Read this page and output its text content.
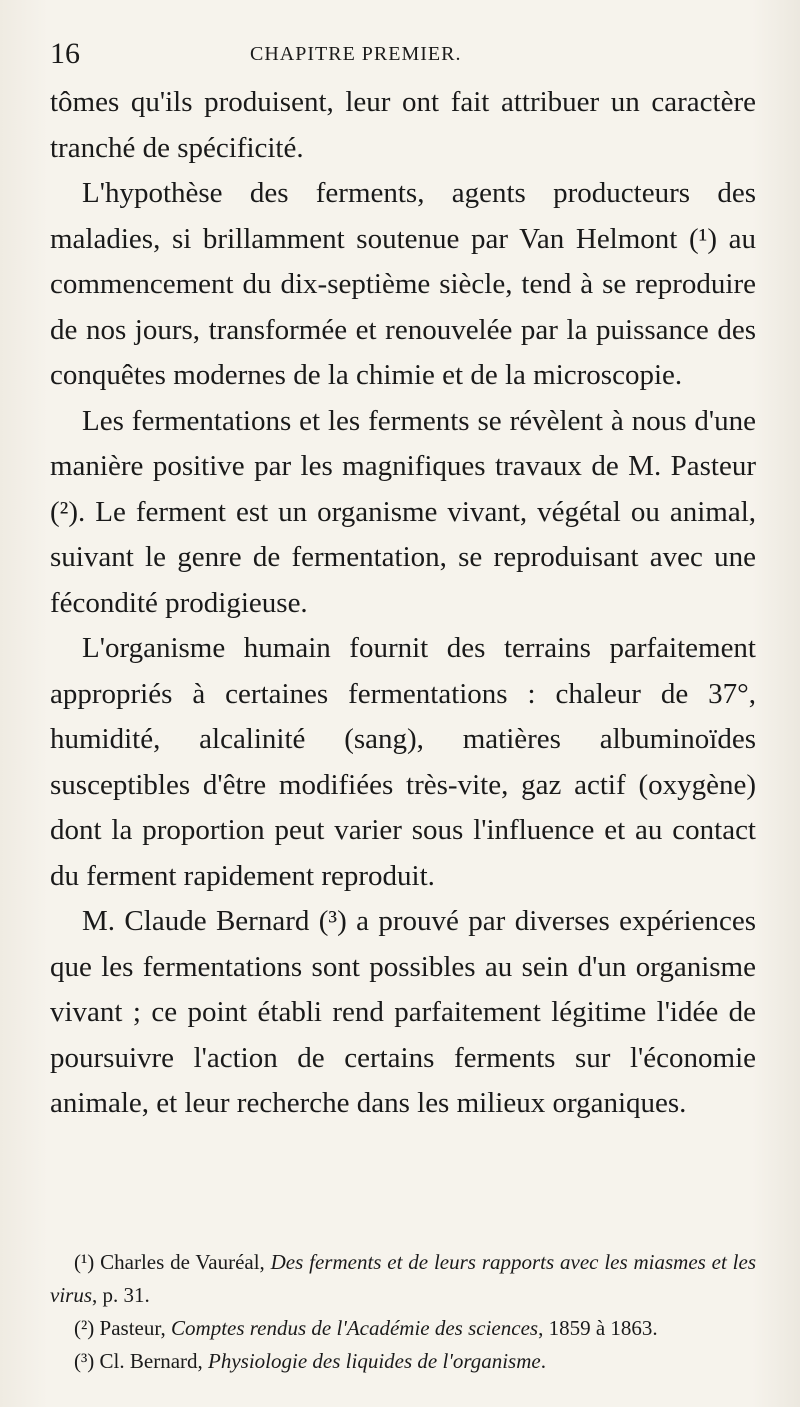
16	CHAPITRE PREMIER.

tômes qu'ils produisent, leur ont fait attribuer un caractère tranché de spécificité.

L'hypothèse des ferments, agents producteurs des maladies, si brillamment soutenue par Van Helmont (¹) au commencement du dix-septième siècle, tend à se reproduire de nos jours, transformée et renouvelée par la puissance des conquêtes modernes de la chimie et de la microscopie.

Les fermentations et les ferments se révèlent à nous d'une manière positive par les magnifiques travaux de M. Pasteur (²). Le ferment est un organisme vivant, végétal ou animal, suivant le genre de fermentation, se reproduisant avec une fécondité prodigieuse.

L'organisme humain fournit des terrains parfaitement appropriés à certaines fermentations : chaleur de 37°, humidité, alcalinité (sang), matières albuminoïdes susceptibles d'être modifiées très-vite, gaz actif (oxygène) dont la proportion peut varier sous l'influence et au contact du ferment rapidement reproduit.

M. Claude Bernard (³) a prouvé par diverses expériences que les fermentations sont possibles au sein d'un organisme vivant ; ce point établi rend parfaitement légitime l'idée de poursuivre l'action de certains ferments sur l'économie animale, et leur recherche dans les milieux organiques.

(¹) Charles de Vauréal, Des ferments et de leurs rapports avec les miasmes et les virus, p. 31.

(²) Pasteur, Comptes rendus de l'Académie des sciences, 1859 à 1863.

(³) Cl. Bernard, Physiologie des liquides de l'organisme.
